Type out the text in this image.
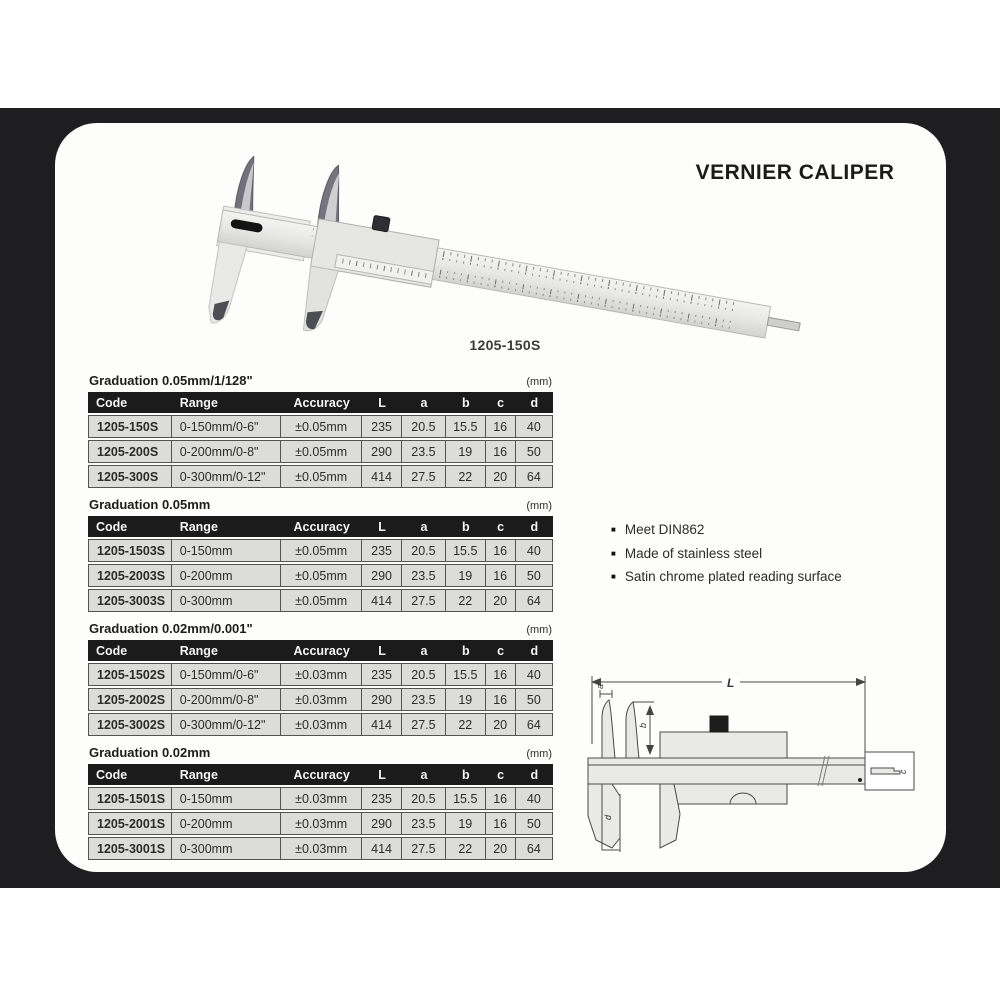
VERNIER CALIPER
1205-150S
Graduation 0.05mm/1/128"	(mm)
Code	Range	Accuracy	L	a	b	c	d
1205-150S	0-150mm/0-6"	±0.05mm	235	20.5	15.5	16	40
1205-200S	0-200mm/0-8"	±0.05mm	290	23.5	19	16	50
1205-300S	0-300mm/0-12"	±0.05mm	414	27.5	22	20	64
Graduation 0.05mm	(mm)
Code	Range	Accuracy	L	a	b	c	d
1205-1503S	0-150mm	±0.05mm	235	20.5	15.5	16	40
1205-2003S	0-200mm	±0.05mm	290	23.5	19	16	50
1205-3003S	0-300mm	±0.05mm	414	27.5	22	20	64
Graduation 0.02mm/0.001"	(mm)
Code	Range	Accuracy	L	a	b	c	d
1205-1502S	0-150mm/0-6"	±0.03mm	235	20.5	15.5	16	40
1205-2002S	0-200mm/0-8"	±0.03mm	290	23.5	19	16	50
1205-3002S	0-300mm/0-12"	±0.03mm	414	27.5	22	20	64
Graduation 0.02mm	(mm)
Code	Range	Accuracy	L	a	b	c	d
1205-1501S	0-150mm	±0.03mm	235	20.5	15.5	16	40
1205-2001S	0-200mm	±0.03mm	290	23.5	19	16	50
1205-3001S	0-300mm	±0.03mm	414	27.5	22	20	64
■ Meet DIN862
■ Made of stainless steel
■ Satin chrome plated reading surface
L
a
b
c
d
